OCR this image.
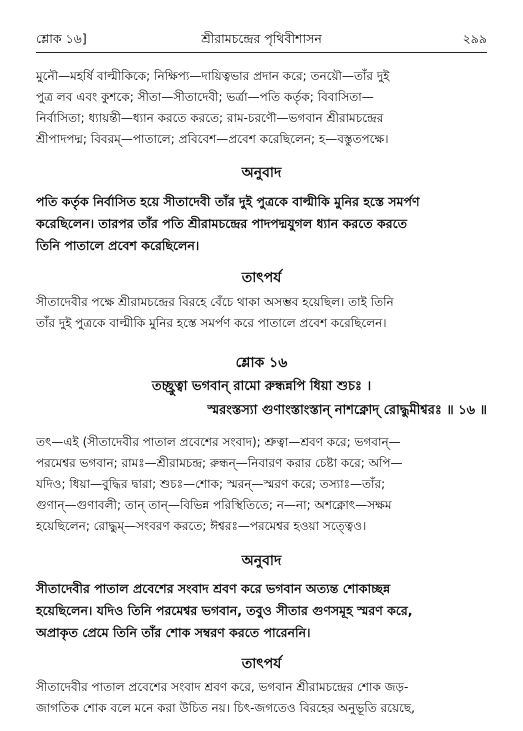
শ্লোক ১৬]	শ্রীরামচন্দ্রের পৃথিবীশাসন	২৯৯
মুনৌ—মহর্ষি বাল্মীকিকে; নিক্ষিপ্য—দায়িত্বভার প্রদান করে; তনয়ৌ—তাঁর দুই
পুত্র লব এবং কুশকে; সীতা—সীতাদেবী; ভর্ত্রা—পতি কর্তৃক; বিবাসিতা—
নির্বাসিতা; ধ্যায়ন্তী—ধ্যান করতে করতে; রাম-চরণৌ—ভগবান শ্রীরামচন্দ্রের
শ্রীপাদপদ্ম; বিবরম্—পাতালে; প্রবিবেশ—প্রবেশ করেছিলেন; হ—বস্তুতপক্ষে।
অনুবাদ
পতি কর্তৃক নির্বাসিত হয়ে সীতাদেবী তাঁর দুই পুত্রকে বাল্মীকি মুনির হস্তে সমর্পণ
করেছিলেন। তারপর তাঁর পতি শ্রীরামচন্দ্রের পাদপদ্মযুগল ধ্যান করতে করতে
তিনি পাতালে প্রবেশ করেছিলেন।
তাৎপর্য
সীতাদেবীর পক্ষে শ্রীরামচন্দ্রের বিরহে বেঁচে থাকা অসম্ভব হয়েছিল। তাই তিনি
তাঁর দুই পুত্রকে বাল্মীকি মুনির হস্তে সমর্পণ করে পাতালে প্রবেশ করেছিলেন।
শ্লোক ১৬
তচ্ছ্রুত্বা ভগবান্ রামো রুন্ধন্নপি ধিয়া শুচঃ ।
স্মরংস্তস্যা গুণাংস্তাংস্তান্ নাশক্নোদ্ রোদ্ধুমীশ্বরঃ ॥ ১৬ ॥
তৎ—এই (সীতাদেবীর পাতাল প্রবেশের সংবাদ); শ্রুত্বা—শ্রবণ করে; ভগবান্—
পরমেশ্বর ভগবান; রামঃ—শ্রীরামচন্দ্র; রুন্ধন্—নিবারণ করার চেষ্টা করে; অপি—
যদিও; ধিয়া—বুদ্ধির দ্বারা; শুচঃ—শোক; স্মরন্—স্মরণ করে; তস্যাঃ—তাঁর;
গুণান্—গুণাবলী; তান্ তান্—বিভিন্ন পরিস্থিতিতে; ন—না; অশক্নোৎ—সক্ষম
হয়েছিলেন; রোদ্ধুম্—সংবরণ করতে; ঈশ্বরঃ—পরমেশ্বর হওয়া সত্ত্বেও।
অনুবাদ
সীতাদেবীর পাতাল প্রবেশের সংবাদ শ্রবণ করে ভগবান অত্যন্ত শোকাচ্ছন্ন
হয়েছিলেন। যদিও তিনি পরমেশ্বর ভগবান, তবুও সীতার গুণসমূহ স্মরণ করে,
অপ্রাকৃত প্রেমে তিনি তাঁর শোক সম্বরণ করতে পারেননি।
তাৎপর্য
সীতাদেবীর পাতাল প্রবেশের সংবাদ শ্রবণ করে, ভগবান শ্রীরামচন্দ্রের শোক জড়-
জাগতিক শোক বলে মনে করা উচিত নয়। চিৎ-জগতেও বিরহের অনুভূতি রয়েছে,
